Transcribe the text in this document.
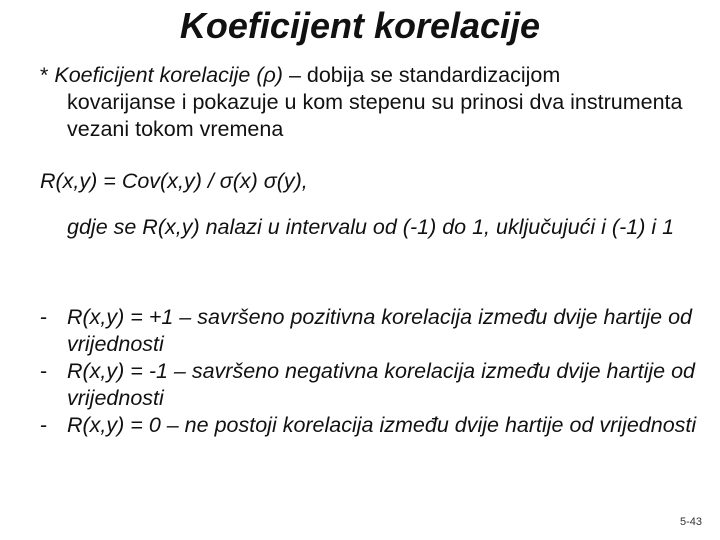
Koeficijent korelacije
* Koeficijent korelacije (ρ) – dobija se standardizacijom
kovarijanse i pokazuje u kom stepenu su prinosi dva instrumenta vezani tokom vremena
R(x,y) = Cov(x,y) / σ(x) σ(y),
gdje se R(x,y) nalazi u intervalu od (-1) do 1, uključujući i (-1) i 1
- R(x,y) = +1 – savršeno pozitivna korelacija između dvije hartije od vrijednosti
- R(x,y) = -1 – savršeno negativna korelacija između dvije hartije od vrijednosti
- R(x,y) = 0 – ne postoji korelacija između dvije hartije od vrijednosti
5-43
